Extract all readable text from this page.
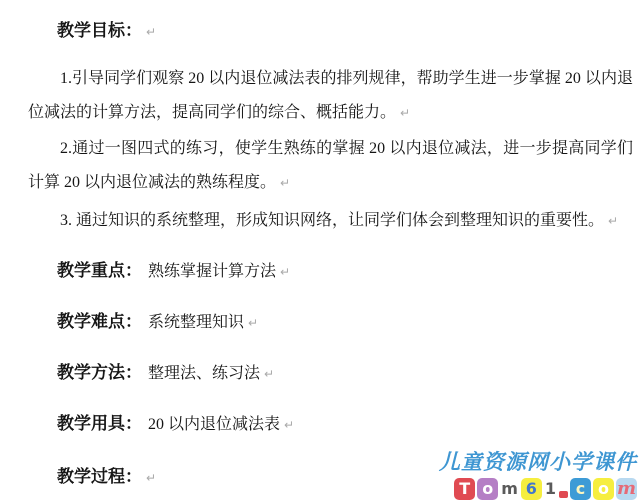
教学目标： ↵
1.引导同学们观察 20 以内退位减法表的排列规律，帮助学生进一步掌握 20 以内退位减法的计算方法，提高同学们的综合、概括能力。 ↵
2.通过一图四式的练习，使学生熟练的掌握 20 以内退位减法，进一步提高同学们计算 20 以内退位减法的熟练程度。 ↵
3. 通过知识的系统整理，形成知识网络，让同学们体会到整理知识的重要性。 ↵
教学重点： 熟练掌握计算方法 ↵
教学难点： 系统整理知识 ↵
教学方法： 整理法、练习法 ↵
教学用具： 20 以内退位减法表 ↵
教学过程： ↵
儿童资源网小学课件
T o m 6 1	c o m
